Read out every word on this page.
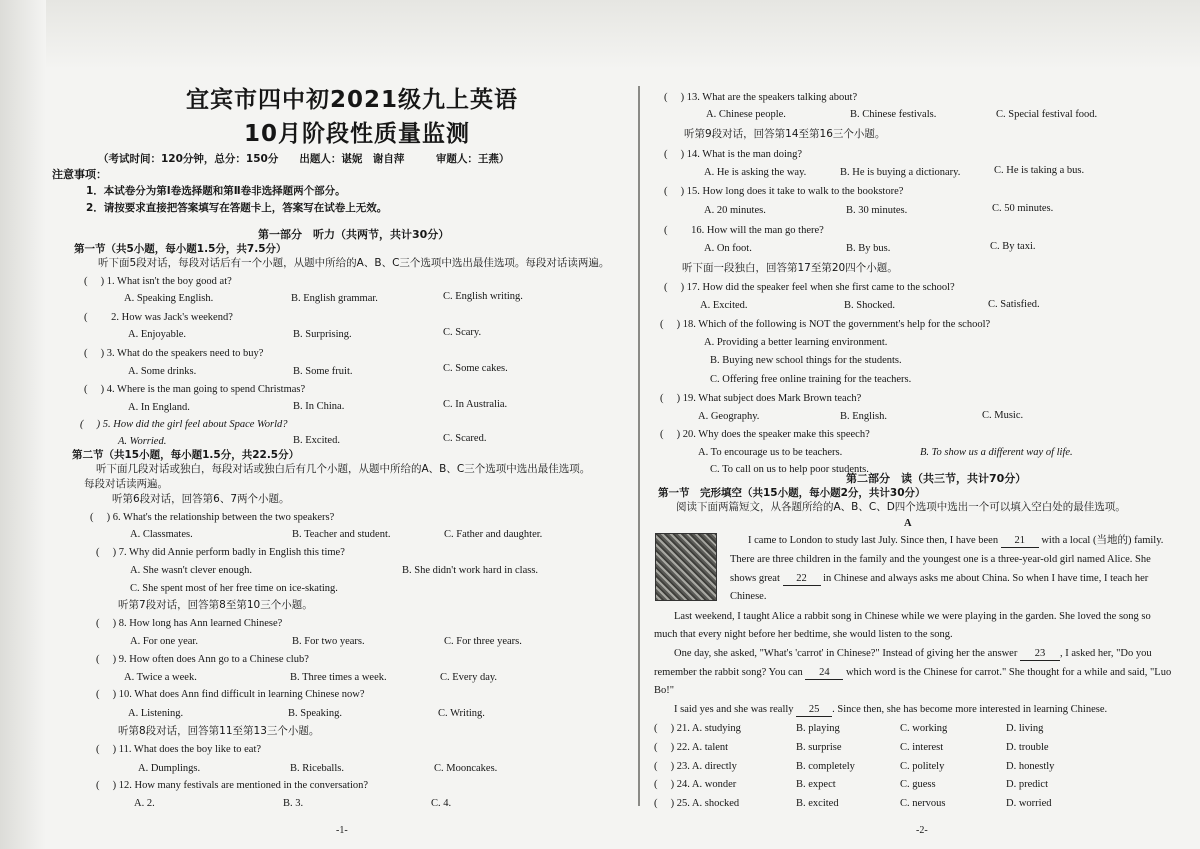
宜宾市四中初2021级九上英语
10月阶段性质量监测
（考试时间：120分钟，总分：150分　　出题人：谌妮　谢自萍　　　审题人：王燕）
注意事项：
1．本试卷分为第Ⅰ卷选择题和第Ⅱ卷非选择题两个部分。
2．请按要求直接把答案填写在答题卡上，答案写在试卷上无效。
第一部分　听力（共两节，共计30分）
第一节（共5小题，每小题1.5分，共7.5分）
听下面5段对话，每段对话后有一个小题，从题中所给的A、B、C三个选项中选出最佳选项。每段对话读两遍。
( 　) 1. What isn't the boy good at?
A. Speaking English.	B. English grammar.	C. English writing.
( 　　2. How was Jack's weekend?
A. Enjoyable.	B. Surprising.	C. Scary.
( 　) 3. What do the speakers need to buy?
A. Some drinks.	B. Some fruit.	C. Some cakes.
( 　) 4. Where is the man going to spend Christmas?
A. In England.	B. In China.	C. In Australia.
( 　) 5. How did the girl feel about Space World?
A. Worried.	B. Excited.	C. Scared.
第二节（共15小题，每小题1.5分，共22.5分）
听下面几段对话或独白，每段对话或独白后有几个小题，从题中所给的A、B、C三个选项中选出最佳选项。
每段对话读两遍。
听第6段对话，回答第6、7两个小题。
( 　) 6. What's the relationship between the two speakers?
A. Classmates.	B. Teacher and student.	C. Father and daughter.
( 　) 7. Why did Annie perform badly in English this time?
A. She wasn't clever enough.	B. She didn't work hard in class.
C. She spent most of her free time on ice-skating.
听第7段对话，回答第8至第10三个小题。
( 　) 8. How long has Ann learned Chinese?
A. For one year.	B. For two years.	C. For three years.
( 　) 9. How often does Ann go to a Chinese club?
A. Twice a week.	B. Three times a week.	C. Every day.
( 　) 10. What does Ann find difficult in learning Chinese now?
A. Listening.	B. Speaking.	C. Writing.
听第8段对话，回答第11至第13三个小题。
( 　) 11. What does the boy like to eat?
A. Dumplings.	B. Riceballs.	C. Mooncakes.
( 　) 12. How many festivals are mentioned in the conversation?
A. 2.	B. 3.	C. 4.
-1-
( 　) 13. What are the speakers talking about?
A. Chinese people.	B. Chinese festivals.	C. Special festival food.
听第9段对话，回答第14至第16三个小题。
( 　) 14. What is the man doing?
A. He is asking the way.	B. He is buying a dictionary.	C. He is taking a bus.
( 　) 15. How long does it take to walk to the bookstore?
A. 20 minutes.	B. 30 minutes.	C. 50 minutes.
( 　　16. How will the man go there?
A. On foot.	B. By bus.	C. By taxi.
听下面一段独白，回答第17至第20四个小题。
( 　) 17. How did the speaker feel when she first came to the school?
A. Excited.	B. Shocked.	C. Satisfied.
( 　) 18. Which of the following is NOT the government's help for the school?
A. Providing a better learning environment.
B. Buying new school things for the students.
C. Offering free online training for the teachers.
( 　) 19. What subject does Mark Brown teach?
A. Geography.	B. English.	C. Music.
( 　) 20. Why does the speaker make this speech?
A. To encourage us to be teachers.	B. To show us a different way of life.
C. To call on us to help poor students.
第二部分　读（共三节，共计70分）
第一节　完形填空（共15小题，每小题2分，共计30分）
阅读下面两篇短文，从各题所给的A、B、C、D四个选项中选出一个可以填入空白处的最佳选项。
A
I came to London to study last July. Since then, I have been 21 with a local (当地的) family.
There are three children in the family and the youngest one is a three-year-old girl named Alice. She
shows great 22 in Chinese and always asks me about China. So when I have time, I teach her
Chinese.
Last weekend, I taught Alice a rabbit song in Chinese while we were playing in the garden. She loved the song so
much that every night before her bedtime, she would listen to the song.
One day, she asked, "What's 'carrot' in Chinese?" Instead of giving her the answer 23 , I asked her, "Do you
remember the rabbit song? You can 24 which word is the Chinese for carrot." She thought for a while and said, "Luo
Bo!"
I said yes and she was really 25 . Since then, she has become more interested in learning Chinese.
( 　) 21. A. studying	B. playing	C. working	D. living
( 　) 22. A. talent	B. surprise	C. interest	D. trouble
( 　) 23. A. directly	B. completely	C. politely	D. honestly
( 　) 24. A. wonder	B. expect	C. guess	D. predict
( 　) 25. A. shocked	B. excited	C. nervous	D. worried
-2-
